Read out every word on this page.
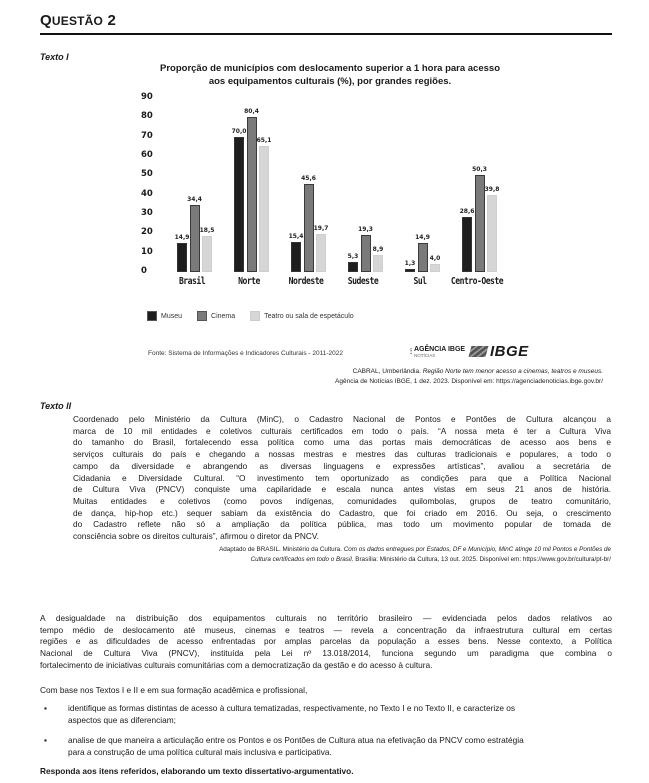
QUESTÃO 2
Texto I
Proporção de municípios com deslocamento superior a 1 hora para acesso
aos equipamentos culturais (%), por grandes regiões.
90
80
70
60
50
40
30
20
10
0
14,9
34,4
18,5
Brasil
70,0
80,4
65,1
Norte
15,4
45,6
19,7
Nordeste
5,3
19,3
8,9
Sudeste
1,3
14,9
4,0
Sul
28,6
50,3
39,8
Centro-Oeste
Museu	Cinema	Teatro ou sala de espetáculo
Fonte: Sistema de Informações e Indicadores Culturais - 2011-2022	⫶ AGÊNCIA IBGE
NOTÍCIAS	IBGE
CABRAL, Umberlândia. Região Norte tem menor acesso a cinemas, teatros e museus.
Agência de Notícias IBGE, 1 dez. 2023. Disponível em: https://agenciadenoticias.ibge.gov.br/
Texto II
Coordenado pelo Ministério da Cultura (MinC), o Cadastro Nacional de Pontos e Pontões de Cultura alcançou a
marca de 10 mil entidades e coletivos culturais certificados em todo o país. “A nossa meta é ter a Cultura Viva
do tamanho do Brasil, fortalecendo essa política como uma das portas mais democráticas de acesso aos bens e
serviços culturais do país e chegando a nossas mestras e mestres das culturas tradicionais e populares, a todo o
campo da diversidade e abrangendo as diversas linguagens e expressões artísticas”, avaliou a secretária de
Cidadania e Diversidade Cultural. “O investimento tem oportunizado as condições para que a Política Nacional
de Cultura Viva (PNCV) conquiste uma capilaridade e escala nunca antes vistas em seus 21 anos de história.
Muitas entidades e coletivos (como povos indígenas, comunidades quilombolas, grupos de teatro comunitário,
de dança, hip-hop etc.) sequer sabiam da existência do Cadastro, que foi criado em 2016. Ou seja, o crescimento
do Cadastro reflete não só a ampliação da política pública, mas todo um movimento popular de tomada de
consciência sobre os direitos culturais”, afirmou o diretor da PNCV.
Adaptado de BRASIL. Ministério da Cultura. Com os dados entregues por Estados, DF e Município, MinC atinge 10 mil Pontos e Pontões de
Cultura certificados em todo o Brasil. Brasília: Ministério da Cultura, 13 out. 2025. Disponível em: https://www.gov.br/cultura/pt-br/
A desigualdade na distribuição dos equipamentos culturais no território brasileiro — evidenciada pelos dados relativos ao
tempo médio de deslocamento até museus, cinemas e teatros — revela a concentração da infraestrutura cultural em certas
regiões e as dificuldades de acesso enfrentadas por amplas parcelas da população a esses bens. Nesse contexto, a Política
Nacional de Cultura Viva (PNCV), instituída pela Lei nº 13.018/2014, funciona segundo um paradigma que combina o
fortalecimento de iniciativas culturais comunitárias com a democratização da gestão e do acesso à cultura.
Com base nos Textos I e II e em sua formação acadêmica e profissional,
▪	identifique as formas distintas de acesso à cultura tematizadas, respectivamente, no Texto I e no Texto II, e caracterize os
aspectos que as diferenciam;
▪	analise de que maneira a articulação entre os Pontos e os Pontões de Cultura atua na efetivação da PNCV como estratégia
para a construção de uma política cultural mais inclusiva e participativa.
Responda aos itens referidos, elaborando um texto dissertativo-argumentativo.
